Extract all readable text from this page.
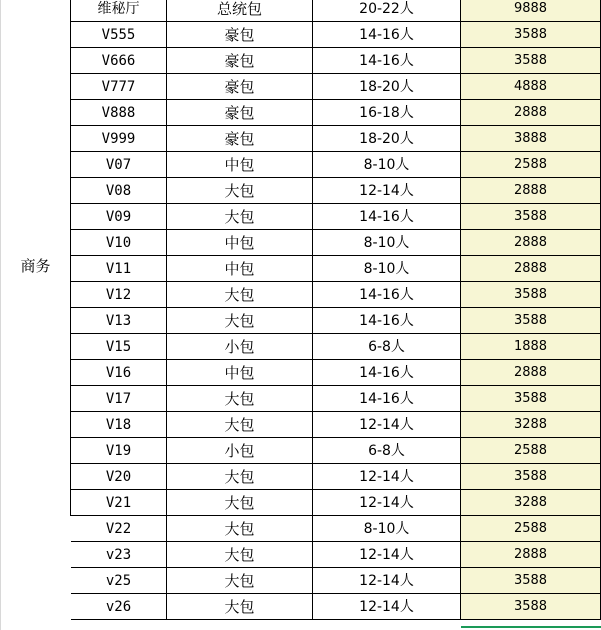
商务
维秘厅	总统包	20-22人	9888
V555	豪包	14-16人	3588
V666	豪包	14-16人	3588
V777	豪包	18-20人	4888
V888	豪包	16-18人	2888
V999	豪包	18-20人	3888
V07	中包	8-10人	2588
V08	大包	12-14人	2888
V09	大包	14-16人	3588
V10	中包	8-10人	2888
V11	中包	8-10人	2888
V12	大包	14-16人	3588
V13	大包	14-16人	3588
V15	小包	6-8人	1888
V16	中包	14-16人	2888
V17	大包	14-16人	3588
V18	大包	12-14人	3288
V19	小包	6-8人	2588
V20	大包	12-14人	3588
V21	大包	12-14人	3288
V22	大包	8-10人	2588
v23	大包	12-14人	2888
v25	大包	12-14人	3588
v26	大包	12-14人	3588
